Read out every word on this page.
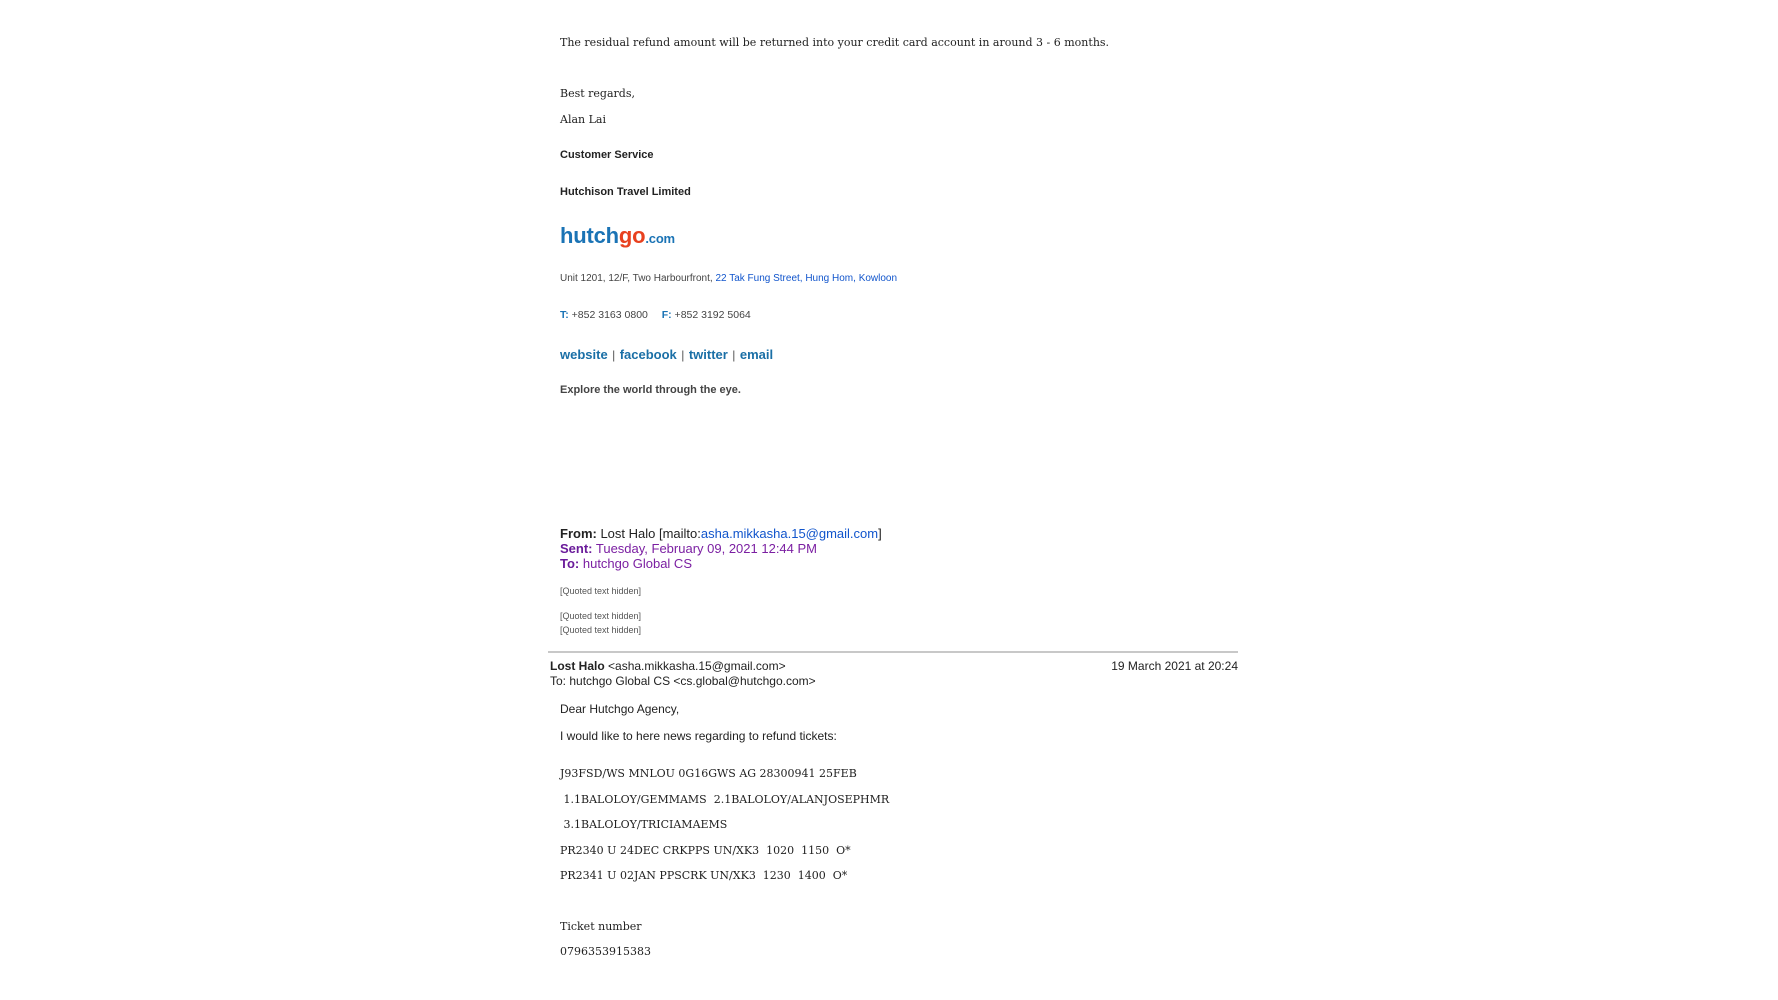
The residual refund amount will be returned into your credit card account in around 3 - 6 months.
Best regards,
Alan Lai
Customer Service
Hutchison Travel Limited
hutchgo.com
Unit 1201, 12/F, Two Harbourfront, 22 Tak Fung Street, Hung Hom, Kowloon
T: +852 3163 0800 F: +852 3192 5064
website | facebook | twitter | email
Explore the world through the eye.
From: Lost Halo [mailto:asha.mikkasha.15@gmail.com]
Sent: Tuesday, February 09, 2021 12:44 PM
To: hutchgo Global CS
[Quoted text hidden]
[Quoted text hidden]
[Quoted text hidden]
Lost Halo <asha.mikkasha.15@gmail.com>	19 March 2021 at 20:24
To: hutchgo Global CS <cs.global@hutchgo.com>
Dear Hutchgo Agency,
I would like to here news regarding to refund tickets:
J93FSD/WS MNLOU 0G16GWS AG 28300941 25FEB
1.1BALOLOY/GEMMAMS  2.1BALOLOY/ALANJOSEPHMR
3.1BALOLOY/TRICIAMAEMS
PR2340 U 24DEC CRKPPS UN/XK3  1020  1150  O*
PR2341 U 02JAN PPSCRK UN/XK3  1230  1400  O*
Ticket number
0796353915383
